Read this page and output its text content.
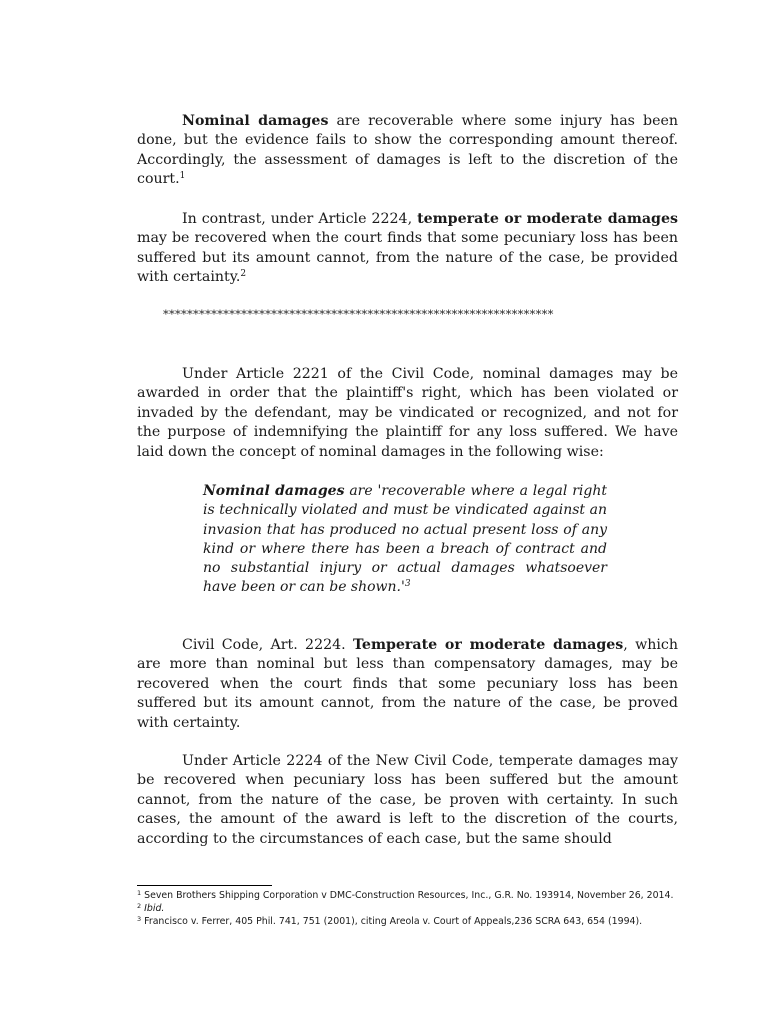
Nominal damages are recoverable where some injury has been done, but the evidence fails to show the corresponding amount thereof. Accordingly, the assessment of damages is left to the discretion of the court.$^1$

In contrast, under Article 2224, temperate or moderate damages may be recovered when the court finds that some pecuniary loss has been suffered but its amount cannot, from the nature of the case, be provided with certainty.$^2$

*****************************************************************

Under Article 2221 of the Civil Code, nominal damages may be awarded in order that the plaintiff's right, which has been violated or invaded by the defendant, may be vindicated or recognized, and not for the purpose of indemnifying the plaintiff for any loss suffered. We have laid down the concept of nominal damages in the following wise:

Nominal damages are 'recoverable where a legal right is technically violated and must be vindicated against an invasion that has produced no actual present loss of any kind or where there has been a breach of contract and no substantial injury or actual damages whatsoever have been or can be $shown.'^3$

Civil Code, Art. 2224. Temperate or moderate damages, which are more than nominal but less than compensatory damages, may be recovered when the court finds that some pecuniary loss has been suffered but its amount cannot, from the nature of the case, be proved with certainty.

Under Article 2224 of the New Civil Code, temperate damages may be recovered when pecuniary loss has been suffered but the amount cannot, from the nature of the case, be proven with certainty. In such cases, the amount of the award is left to the discretion of the courts, according to the circumstances of each case, but the same should

$^1$ Seven Brothers Shipping Corporation v DMC-Construction Resources, Inc., G.R. No. 193914, November 26, 2014.

$^2$ Ibid.

$^3$ Francisco v. Ferrer, 405 Phil. 741, 751 (2001), citing Areola v. Court of Appeals,236 SCRA 643, 654 (1994).
